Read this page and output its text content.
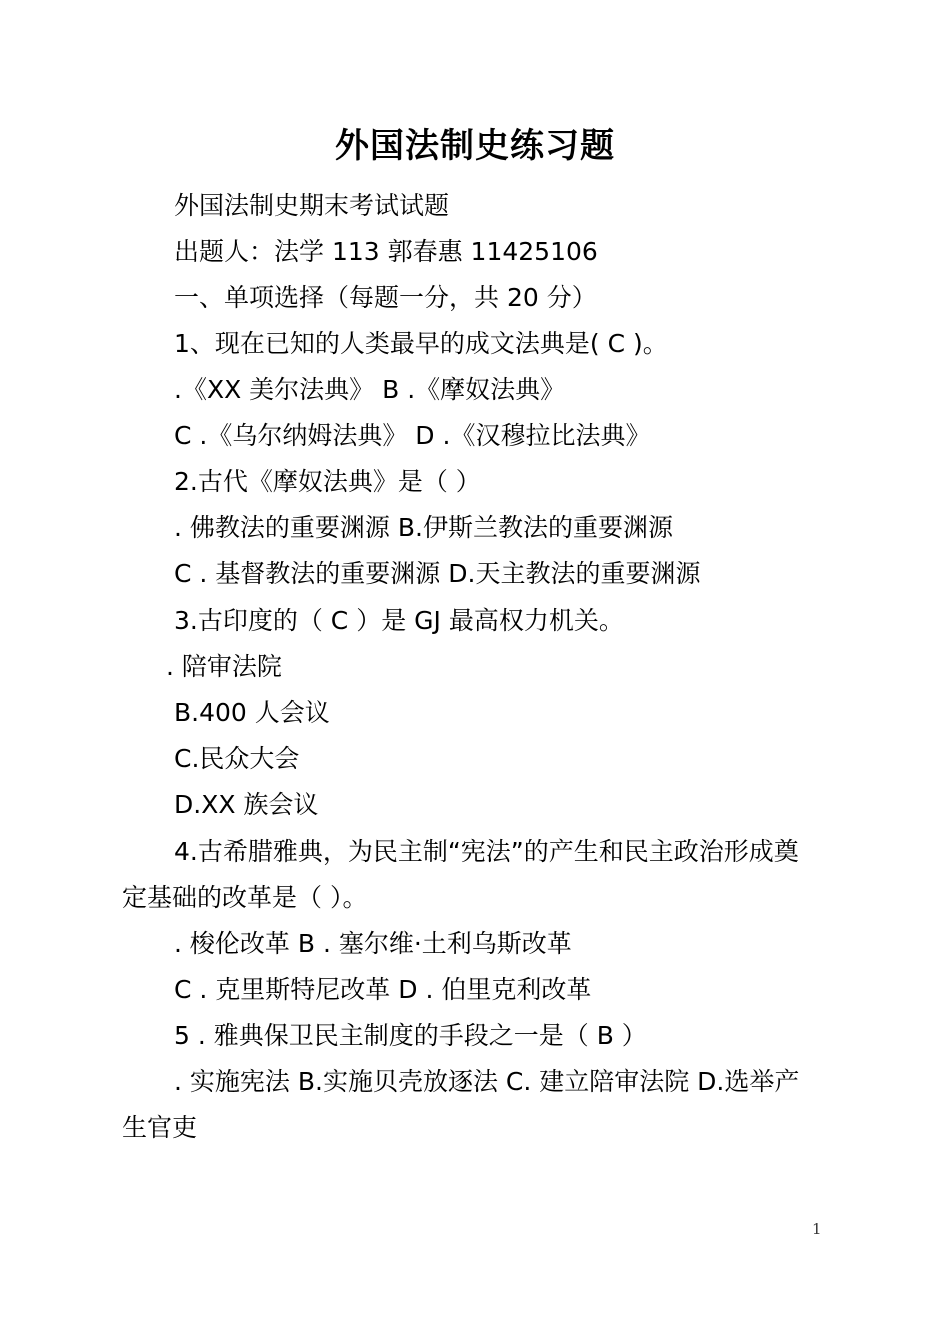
外国法制史练习题
外国法制史期末考试试题
出题人：法学 113 郭春惠 11425106
一、单项选择（每题一分，共 20 分）
1、现在已知的人类最早的成文法典是( C )。
.《XX 美尔法典》 B .《摩奴法典》
C .《乌尔纳姆法典》 D .《汉穆拉比法典》
2.古代《摩奴法典》是（ ）
. 佛教法的重要渊源 B.伊斯兰教法的重要渊源
C . 基督教法的重要渊源 D.天主教法的重要渊源
3.古印度的（ C ）是 GJ 最高权力机关。
. 陪审法院
B.400 人会议
C.民众大会
D.XX 族会议
4.古希腊雅典，为民主制“宪法”的产生和民主政治形成奠
定基础的改革是（ ）。
. 梭伦改革 B . 塞尔维·土利乌斯改革
C . 克里斯特尼改革 D . 伯里克利改革
5 . 雅典保卫民主制度的手段之一是（ B ）
. 实施宪法 B.实施贝壳放逐法 C. 建立陪审法院 D.选举产
生官吏
1
